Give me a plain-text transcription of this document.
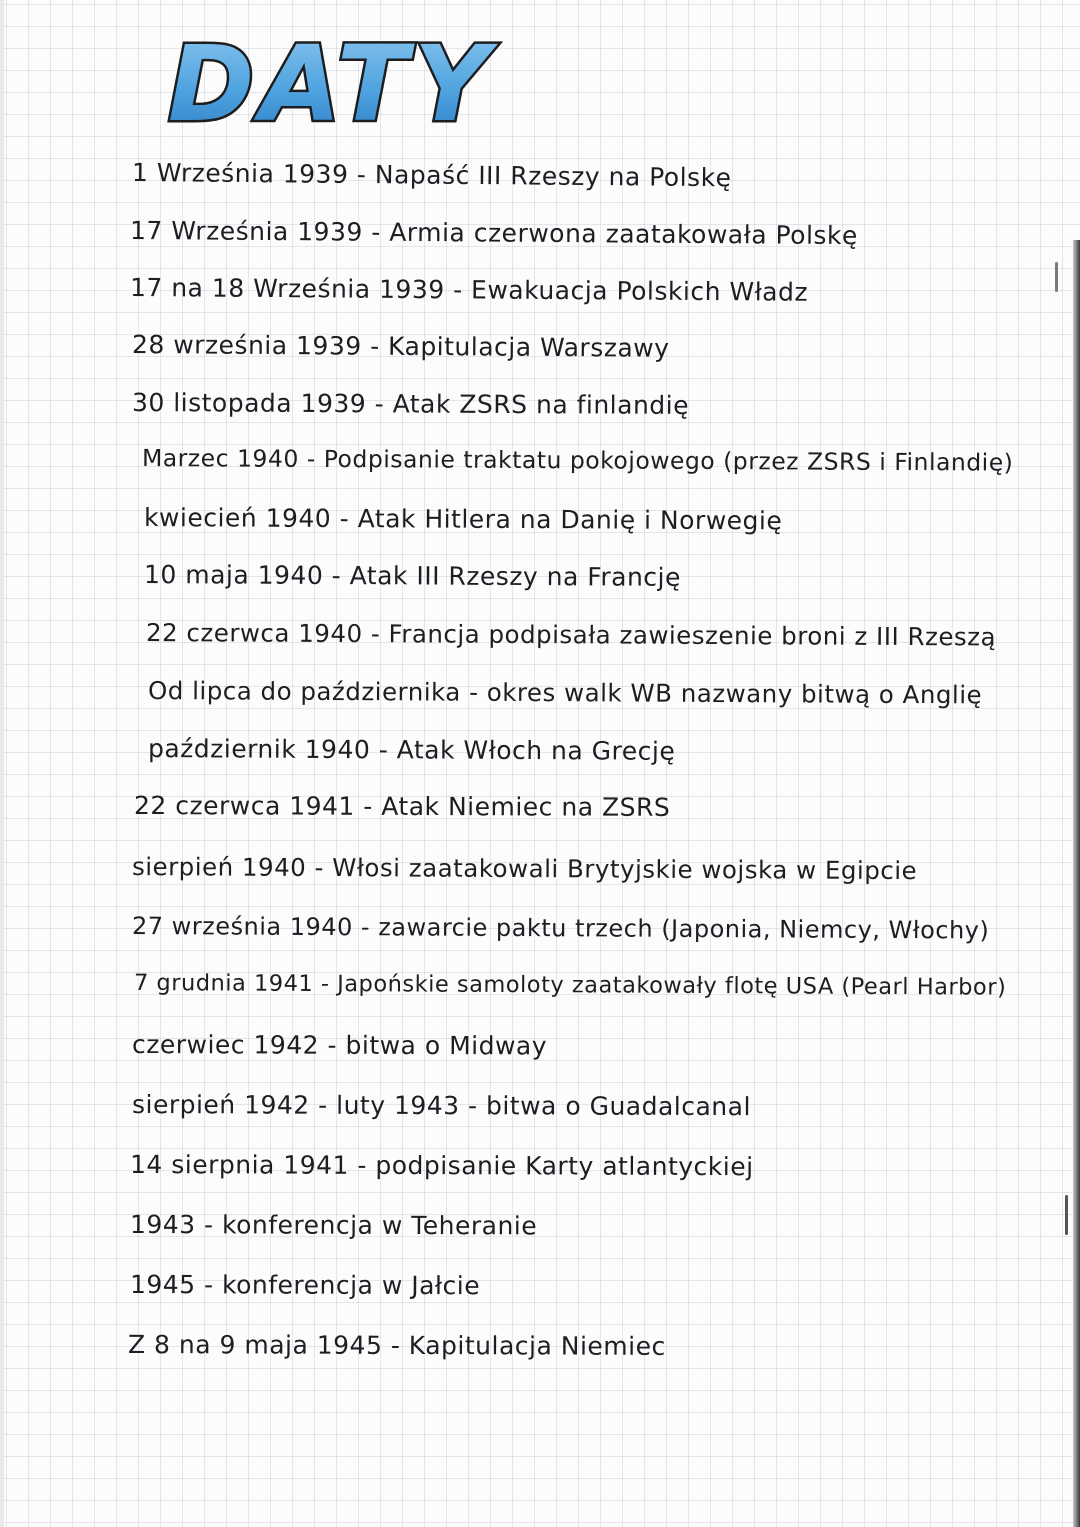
DATY
1 Września 1939 - Napaść III Rzeszy na Polskę
17 Września 1939 - Armia czerwona zaatakowała Polskę
17 na 18 Września 1939 - Ewakuacja Polskich Władz
28 września 1939 - Kapitulacja Warszawy
30 listopada 1939 - Atak ZSRS na finlandię
Marzec 1940 - Podpisanie traktatu pokojowego (przez ZSRS i Finlandię)
kwiecień 1940 - Atak Hitlera na Danię i Norwegię
10 maja 1940 - Atak III Rzeszy na Francję
22 czerwca 1940 - Francja podpisała zawieszenie broni z III Rzeszą
Od lipca do października - okres walk WB nazwany bitwą o Anglię
październik 1940 - Atak Włoch na Grecję
22 czerwca 1941 - Atak Niemiec na ZSRS
sierpień 1940 - Włosi zaatakowali Brytyjskie wojska w Egipcie
27 września 1940 - zawarcie paktu trzech (Japonia, Niemcy, Włochy)
7 grudnia 1941 - Japońskie samoloty zaatakowały flotę USA (Pearl Harbor)
czerwiec 1942 - bitwa o Midway
sierpień 1942 - luty 1943 - bitwa o Guadalcanal
14 sierpnia 1941 - podpisanie Karty atlantyckiej
1943 - konferencja w Teheranie
1945 - konferencja w Jałcie
Z 8 na 9 maja 1945 - Kapitulacja Niemiec
